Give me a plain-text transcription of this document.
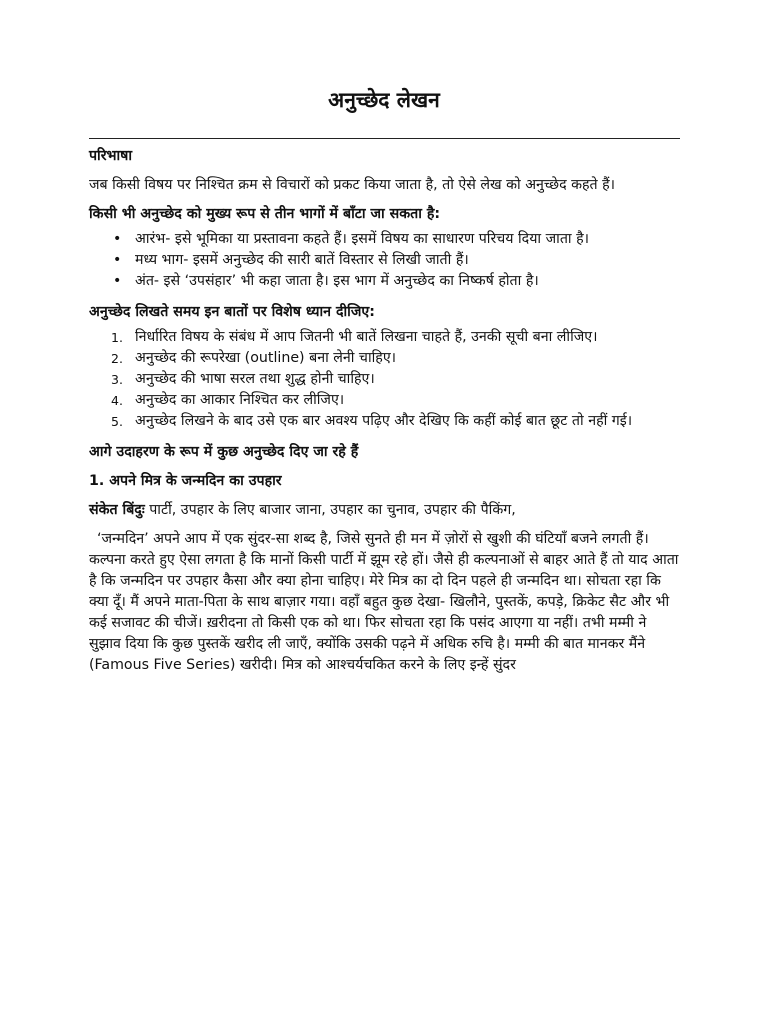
अनुच्छेद लेखन

परिभाषा

जब किसी विषय पर निश्चित क्रम से विचारों को प्रकट किया जाता है, तो ऐसे लेख को अनुच्छेद कहते हैं।

किसी भी अनुच्छेद को मुख्य रूप से तीन भागों में बाँटा जा सकता है:

• आरंभ- इसे भूमिका या प्रस्तावना कहते हैं। इसमें विषय का साधारण परिचय दिया जाता है।
• मध्य भाग- इसमें अनुच्छेद की सारी बातें विस्तार से लिखी जाती हैं।
• अंत- इसे ‘उपसंहार’ भी कहा जाता है। इस भाग में अनुच्छेद का निष्कर्ष होता है।

अनुच्छेद लिखते समय इन बातों पर विशेष ध्यान दीजिए:

1. निर्धारित विषय के संबंध में आप जितनी भी बातें लिखना चाहते हैं, उनकी सूची बना लीजिए।
2. अनुच्छेद की रूपरेखा (outline) बना लेनी चाहिए।
3. अनुच्छेद की भाषा सरल तथा शुद्ध होनी चाहिए।
4. अनुच्छेद का आकार निश्चित कर लीजिए।
5. अनुच्छेद लिखने के बाद उसे एक बार अवश्य पढ़िए और देखिए कि कहीं कोई बात छूट तो नहीं गई।

आगे उदाहरण के रूप में कुछ अनुच्छेद दिए जा रहे हैं

1. अपने मित्र के जन्मदिन का उपहार

संकेत बिंदुः पार्टी, उपहार के लिए बाजार जाना, उपहार का चुनाव, उपहार की पैकिंग,

‘जन्मदिन’ अपने आप में एक सुंदर-सा शब्द है, जिसे सुनते ही मन में ज़ोरों से खुशी की घंटियाँ बजने लगती हैं। कल्पना करते हुए ऐसा लगता है कि मानों किसी पार्टी में झूम रहे हों। जैसे ही कल्पनाओं से बाहर आते हैं तो याद आता है कि जन्मदिन पर उपहार कैसा और क्या होना चाहिए। मेरे मित्र का दो दिन पहले ही जन्मदिन था। सोचता रहा कि क्या दूँ। मैं अपने माता-पिता के साथ बाज़ार गया। वहाँ बहुत कुछ देखा- खिलौने, पुस्तकें, कपड़े, क्रिकेट सैट और भी कई सजावट की चीजें। ख़रीदना तो किसी एक को था। फिर सोचता रहा कि पसंद आएगा या नहीं। तभी मम्मी ने सुझाव दिया कि कुछ पुस्तकें खरीद ली जाएँ, क्योंकि उसकी पढ़ने में अधिक रुचि है। मम्मी की बात मानकर मैंने (Famous Five Series) खरीदी। मित्र को आश्चर्यचकित करने के लिए इन्हें सुंदर
